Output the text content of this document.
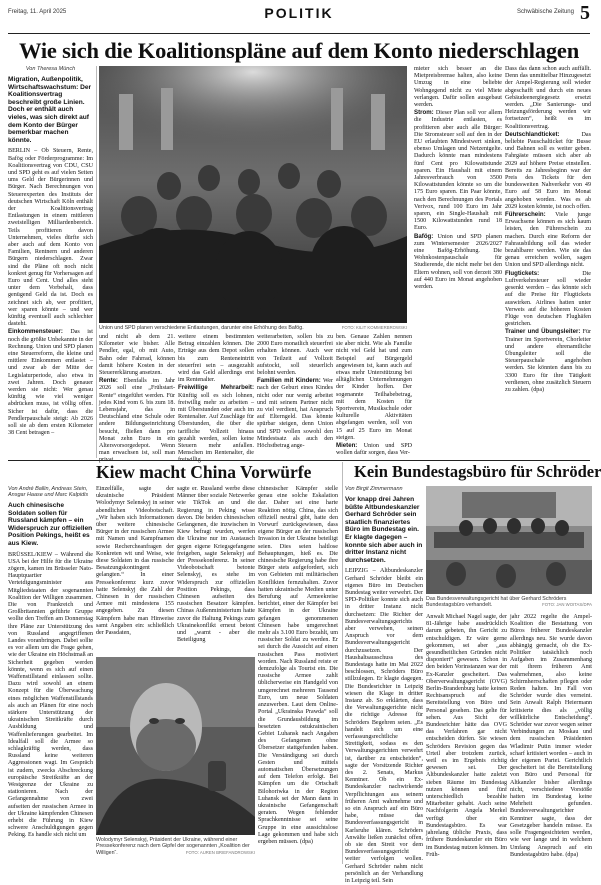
Freitag, 11. April 2025	POLITIK	Schwäbische Zeitung 5
Wie sich die Koalitionspläne auf dem Konto niederschlagen
Von Theresa Münch
Migration, Außenpolitik, Wirtschaftswachstum: Der Koalitionsvertrag beschreibt große Linien. Doch er enthält auch vieles, was sich direkt auf dem Konto der Bürger bemerkbar machen könnte.

BERLIN – Ob Steuern, Rente, Bafög oder Förderprogramme: Im Koalitionsvertrag von CDU, CSU und SPD geht es auf vielen Seiten ums Geld der Bürgerinnen und Bürger. Nach Berechnungen von Steuerexperten des Instituts der deutschen Wirtschaft Köln enthält der Koalitionsvertrag Entlastungen in einem mittleren zweistelligen Milliardenbereich. Teils profitieren davon Unternehmen, vieles dürfte sich aber auch auf dem Konto von Familien, Rentnern und anderen Bürgern niederschlagen. Zwar sind die Pläne oft noch nicht konkret genug für Vorhersagen auf Euro und Cent. Und alles steht unter dem Vorbehalt, dass genügend Geld da ist. Doch es zeichnet sich ab, wer profitiert, wer sparen könnte – und wer künftig eventuell auch schlechter dasteht.

Einkommensteuer: Das ist noch die größte Unbekannte in der Rechnung. Union und SPD planen eine Steuerreform, die kleine und mittlere Einkommen entlastet – und zwar ab der Mitte der Legislaturperiode, also etwa in zwei Jahren. Doch genauer werden sie nicht: Wer genau künftig wie viel weniger abdrücken muss, ist völlig offen. Sicher ist dafür, dass die Pendlerpauschale steigt: Ab 2026 soll sie ab dem ersten Kilometer 38 Cent betragen –

FOTO: KILIT KOMMERBROWSKI
Union und SPD planen verschiedene Entlastungen, darunter eine Erhöhung des Bafög.

und nicht ab dem 21. Kilometer wie bisher. Alle Pendler, egal, ob mit Auto, Bahn oder Fahrrad, können damit höhere Kosten in der Steuererklärung ansetzen.

Rente: Ebenfalls im Jahr 2026 soll eine „Frühstart-Rente“ eingeführt werden. Für jedes Kind vom 6. bis zum 18. Lebensjahr, das in Deutschland eine Schule oder andere Bildungseinrichtung besucht, fließen dann pro Monat zehn Euro in ein Altersvorsorgedepot. Wenn man erwachsen ist, soll man

weitere einem bestimmten Betrag einzahlen können. Die Erträge aus dem Depot sollen bis zum Renteneintritt steuerfrei sein – ausgezahlt wird das Geld allerdings erst im Rentenalter.

Freiwillige Mehrarbeit: Künftig soll es sich lohnen, freiwillig mehr zu arbeiten – mit Überstunden oder auch im Rentenalter. Auf Zuschläge für Überstunden, die über die tarifliche Vollzeit hinaus gezahlt werden, sollen keine Steuern mehr anfallen. Menschen im Rentenalter, die

weiterarbeiten, sollen bis zu 2000 Euro monatlich steuerfrei erhalten können. Auch wer von Teilzeit auf Vollzeit aufstockt, soll steuerlich belohnt werden.

Familien mit Kindern: Wer nach der Geburt eines Kindes nicht oder nur wenig arbeitet und mit seinem Partner nicht zu viel verdient, hat Anspruch auf Elterngeld. Das könnte spürbar steigen, denn Union und SPD wollen sowohl den Mindestsatz als auch den Höchstbetrag ange-

ben. Genaue Zahlen nennen sie aber nicht. Wie als Familie nicht viel Geld hat und zum Beispiel auf Bürgergeld angewiesen ist, kann auch auf etwas mehr Unterstützung bei alltäglichen Unternehmungen der Kinder hoffen. Der sogenannte Teilhabebetrag, mit dem Kosten für Sportverein, Musikschule oder kulturelle Aktivitäten abgefangen werden, soll von 15 auf 25 Euro im Monat steigen.

Mieten: Union und SPD wollen dafür sorgen, dass Ver-

mieter sich besser an die Mietpreisbremse halten, also keine Umzug in eine beliebte Wohngegend nicht zu viel Miete verlangen. Dafür sollen ausgebaut werden.

Strom: Dieser Plan soll vor allem die Industrie entlasten, es profitieren aber auch alle Bürger: Die Stromsteuer soll auf den in der EU erlaubten Mindestwert sinken, ebenso Umlagen und Netzentgelte. Dadurch könnte man mindestens fünf Cent pro Kilowattstunde sparen. Ein Haushalt mit einem Jahresverbrauch von 3500 Kilowattstunden könnte so um die 175 Euro sparen. Ein Paar könnte, nach den Berechnungen des Portals Verivox, rund 100 Euro im Jahr sparen, ein Single-Haushalt mit 1500 Kilowattstunden rund 18 Euro.

Bafög: Union und SPD planen zum Wintersemester 2026/2027 eine Bafög-Erhöhung. Die Wohnkostenpauschale für Studierende, die nicht mehr bei den Eltern wohnen, soll von derzeit 380 auf 440 Euro im Monat angehoben werden.

Dass das dann schon auch auffällt. Denn das unmittelbar Hinzugesetzt der Ampel-Regierung soll wieder abgeschafft und durch ein neues Gebäudeenergiegesetz ersetzt werden. „Die Sanierungs- und Heizungsförderung werden wir fortsetzen“, heißt es im Koalitionsvertrag.

Deutschlandticket:	Das beliebte Pauschalticket für Busse und Bahnen soll es weiter geben. Fahrgäste müssen sich aber ab 2029 auf höhere Preise einstellen. Bereits zu Jahresbeginn war der Preis des Tickets für den bundesweiten Nahverkehr von 49 Euro auf 58 Euro im Monat angehoben worden. Was es ab 2029 kosten könnte, ist noch offen.

Führerschein: Viele junge Erwachsene können es sich kaum leisten, den Führerschein zu machen. Durch eine Reform der Fahrausbildung soll das wieder bezahlbarer werden. Wie sie das genau erreichen wollen, sagen Union und SPD allerdings nicht.

Flugtickets:	Die Luftverkehrsteuer soll wieder gesenkt werden – das könnte sich auf die Preise für Flugtickets auswirken. Airlines hatten unter Verweis auf die höheren Kosten Flüge von deutschen Flughäfen gestrichen.

Trainer und Übungsleiter: Für Trainer im Sportverein, Chorleiter und andere ehrenamtliche Übungsleiter soll die Steuerpauschale angehoben werden. Sie könnten dann bis zu 3300 Euro für ihre Tätigkeit verdienen, ohne zusätzlich Steuern zu zahlen. (dpa)

Kiew macht China Vorwürfe
Von André Ballin, Andreas Stein, Ansgar Haase und Marc Kalpidis
Auch chinesische Soldaten sollen für Russland kämpfen – ein Widerspruch zur offiziellen Position Pekings, heißt es aus Kiew.

BRÜSSEL/KIEW – Während die USA bei der Hilfe für die Ukraine zögern, kamen im Brüsseler Nato-Hauptquartier Verteidigungsminister aus Mitgliedstaaten der sogenannten Koalition der Willigen zusammen. Die von Frankreich und Großbritannien geführte Gruppe wollte den Treffen am Donnerstag ihre Pläne zur Unterstützung des von Russland angegriffenen Landes voranbringen. Dabei sollte es vor allem um die Frage gehen, wie der Ukraine ein Höchstmaß an Sicherheit gegeben werden könnte, wenn es sich auf einen Waffenstillstand einlassen sollte. Dazu wird sowohl an einem Konzept für die Überwachung eines möglichen Waffenstillstands als auch an Plänen für eine noch stärkere Unterstützung der ukrainischen Streitkräfte durch Ausbildung und Waffenlieferungen gearbeitet. Im Idealfall soll die Armee so schlagkräftig werden, dass Russland keine weiteren Aggressionen wagt. Im Gespräch ist zudem, zwecks Abschreckung europäische Streitkräfte an der Westgrenze der Ukraine zu stationieren. Nach der Gefangennahme von zwei aufseiten der russischen Armee in der Ukraine kämpfenden Chinesen erhebt die Führung in Kiew schwere Anschuldigungen gegen Peking. Es handle sich nicht um

Einzelfälle, sagte der ukrainische Präsident Wolodymyr Selenskyj in seiner abendlichen Videobotschaft. „Wir haben sich Informationen über weitere chinesische Bürger in der russischen Armee mit Namen und Kampfnamen sowie Rechercheanfragen der Konkreten wit und Weise, wie diese Soldaten in das russische Besatzungskontingent gelangten.“ In einer Pressekonferenz kurz zuvor hatte Selenskyj die Zahl der Chinesen in der russischen Armee mit mindestens 155 angegeben. Zu diesen Kämpfern habe man Hinweise samt Angaben ein: schließlich der Passdaten,

sagte er. Russland werbe diese Männer über soziale Netzwerke wie TikTok an und die Regierung in Peking wisse davon. Die beiden chinesischen Gefangenen, die inzwischen in Kiew befragt wurden, werfen die Ukraine nur im Austausch gegen eigene Kriegsgefangene freigeben, sagte Selenskyj auf der Pressekonferenz. In seiner Videobotschaft betonte Selenskyj, es stehe im Widerspruch zur offiziellen Position Pekings, dass Chinesen aufseiten des russischen Besatzer kämpfen. Chinas Außenministerium hatte zuvor die Haltung Pekings zum Ukrainekonflikt erneut betont und „warnt - aber die Beteiligung

chinesischer Kämpfer stelle genau eine solche Eskalation dar. Daher sei eine harte Reaktion nötig. China, das sich offiziell neutral gibt, hatte den Vorwurf zurückgewiesen, dass eigene Bürger an der russischen Invasion in der Ukraine beteiligt seien. Dies seien haltlose Behauptungen, hieß es. Die chinesische Regierung habe ihre Bürger stets aufgefordert, sich von Gebieten mit militärischen Konflikten fernzuhalten. Zuvor hatten ukrainische Medien unter Berufung auf Armeekreise berichtet, einer der Kämpfer bei Kämpfen in der Ukraine gefangen genommenen Chinesen habe umgerechnet mehr als 3.100 Euro bezahlt, um russischer Soldat zu werden. Er sei durch die Aussicht auf einen russischen Pass motiviert worden. Nach Russland reiste er demzufolge als Tourist ein. Die russische Armee zahlt üblicherweise ein Handgeld von umgerechnet mehreren Tausend Euro, um neue Soldaten anzuwerben. Laut dem Online-Portal „Ukrainska Prawda“ soll die Grundausbildung im besetzten ostukrainischen Gebiet Luhansk nach Angaben des Gefangenen ohne Übersetzer stattgefunden haben. Die Verständigung sei durch Gesten und mittels automatischen Übersetzungen auf dem Telefon erfolgt. Bei Kämpfen um die Ortschaft Bilohoriwka in der Region Luhansk sei der Mann dann in ukrainische Gefangenschaft geraten. Wegen fehlender Sprachkenntnisse sei seine Gruppe in eine aussichtslose Lage gekommen und habe sich ergeben müssen. (dpa)

Wolodymyr Selenskyj, Präsident der Ukraine, während einer Pressekonferenz nach dem Gipfel der sogenannten „Koalition der Willigen“.	FOTO: AUREN BRIEFANDROWSKI
Kein Bundestagsbüro für Schröder
Von Birgit Zimmermann
Vor knapp drei Jahren büßte Altbundeskanzler Gerhard Schröder sein staatlich finanziertes Büro im Bundestag ein. Er klagte dagegen – konnte sich aber auch in dritter Instanz nicht durchsetzen.

LEIPZIG – Altbundeskanzler Gerhard Schröder bleibt ein eigenes Büro im Deutschen Bundestag weiter verwehrt. Der SPD-Politiker konnte sich auch in dritter Instanz nicht durchsetzen: Die Richter der Bundesverwaltungsgerichts aber verwehen, seinen Anspruch vor dem Bundesverwaltungsgericht durchzusetzen. Der Haushaltsausschuss des Bundestags hatte im Mai 2022 beschlossen, Schröders Büro stillzulegen. Er klagte dagegen. Die Bundesrichter in Leipzig wiesen die Klage in dritter Instanz ab. So erklärten, dass die Verwaltungsgerichte nicht die richtige Adresse für Schröders Begehren seien. „Es handelt sich um eine verfassungsrechtliche Streitigkeit, sodass es den Verwaltungsgerichten verwehrt ist, darüber zu entscheiden“, sagte der Vorsitzende Richter des 2. Senats, Markus Kenntner. Ob ein Ex-Bundeskanzler nachwirkende Verpflichtungen aus seinem früheren Amt wahrnehme und so ein Anspruch auf ein Büro habe, müsse das Bundesverfassungsgericht in Karlsruhe klären. Schröders Anwälte ließen zunächst offen, ob sie den Streit vor dem Bundesverfassungsgericht weiter verfolgen wollen. Gerhard Schröder nahm nicht persönlich an der Verhandlung in Leipzig teil. Sein

Das Bundesverwaltungsgericht hat über Gerhard Schröders Bundestagsbüro verhandelt.	FOTO: JAN WOITAS/DPA

Anwalt Michael Nagel sagte, der 81-Jährige habe ausdrücklich darum gebeten, ihn Gericht zu entschuldigen. Er wäre gerne gekommen, sei aber „aus gesundheitlichen Gründen nicht disponiert“ gewesen. Schon in den beiden Vorinstanzen war der Ex-Kanzler gescheitert. Das Oberverwaltungsgericht (OVG) Berlin-Brandenburg hatte keinen Rechtsanspruch auf die Bereitstellung von Büro und Personal gesehen. Das gelte für sehen. Aus Sicht der Bundesrichter hätte das OVG das Verfahren gar nicht entscheiden dürfen. Sie wiesen Schröders Revision gegen das Urteil aber trotzdem zurück, weil es im Ergebnis richtig gewesen sei. Der Altbundeskanzler hatte zuletzt sieben Räume im Bundestag nutzen können und fünf unterschiedlich bezahlte Mitarbeiter gehabt. Auch seine Nachfolgerin Angela Merkel verfügt über ein Bundestagsbüro. Es war jahrelang übliche Praxis, dass frühere Bundeskanzler ein Büro im Bundestag nutzen können. Im Früh-

jahr 2022 regelte die Ampel-Koalition die Bestattung von Büros früherer Bundeskanzler allerdings neu. Sie wurde davon abhängig gemacht, ob die Ex-Politiker tatsächlich noch Aufgaben im Zusammenhang mit ihrem früheren Amt wahrnehmen, also keine Schirmherrschaften pflegen oder Reden halten. Im Fall von Schröder wurde dies verneint. Sein Anwalt Ralph Heiermann kritisierte dies als „völlig willkürliche Entscheidung“. Schröder war zuvor wegen seiner Verbindungen zu Moskau und dem russischen Präsidenten Wladimir Putin immer wieder scharf kritisiert worden – auch in der eigenen Partei. Gerichtlich gescheitert ist die Bereitstellung von Büro und Personal für Altkanzler bisher allerdings nicht, verschiedene Vorstöße hatten im Bundestag keine Mehrheit gefunden. Bundesverwaltungsrichter Kenntner sagte, dass der Gesetzgeber handeln müsse. Es solle Fragengesichteten werden, wie wer lange und in welchem Umfang Anspruch auf ein Bundestagsbüro habe. (dpa)
